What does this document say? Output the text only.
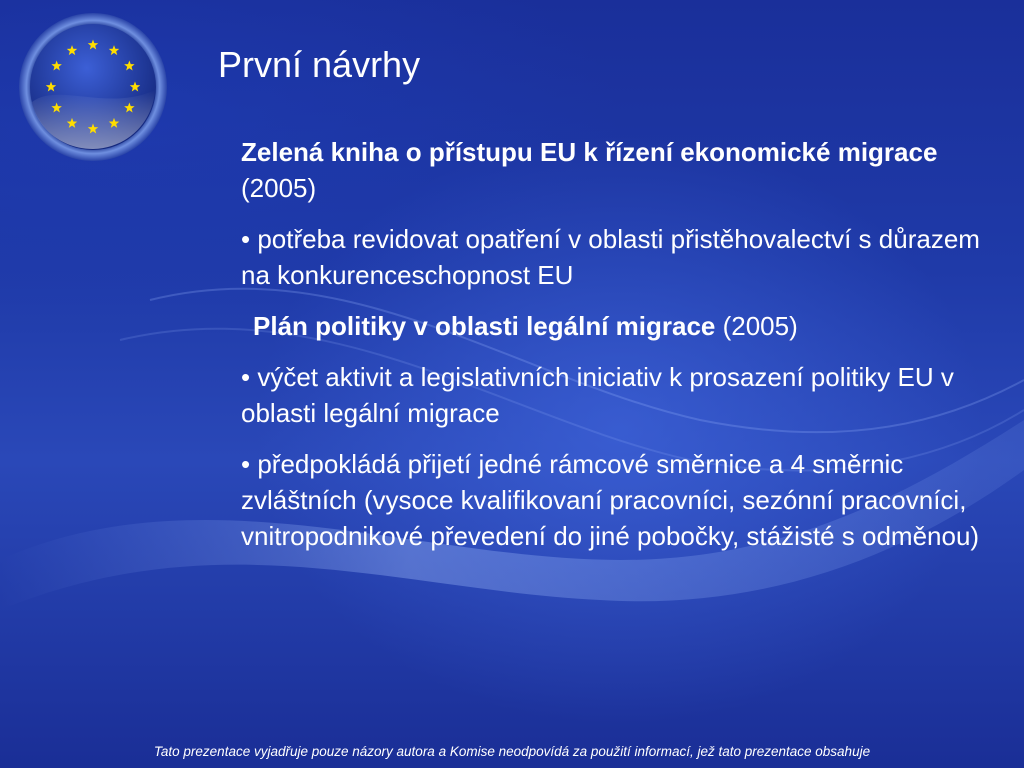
První návrhy
Zelená kniha o přístupu EU k řízení ekonomické migrace (2005)
• potřeba revidovat opatření v oblasti přistěhovalectví s důrazem na konkurenceschopnost EU
Plán politiky v oblasti legální migrace (2005)
• výčet aktivit a legislativních iniciativ k prosazení politiky EU v oblasti legální migrace
• předpokládá přijetí jedné rámcové směrnice a 4 směrnic zvláštních (vysoce kvalifikovaní pracovníci, sezónní pracovníci, vnitropodnikové převedení do jiné pobočky, stážisté s odměnou)
Tato prezentace vyjadřuje pouze názory autora a Komise neodpovídá za použití informací, jež tato prezentace obsahuje
